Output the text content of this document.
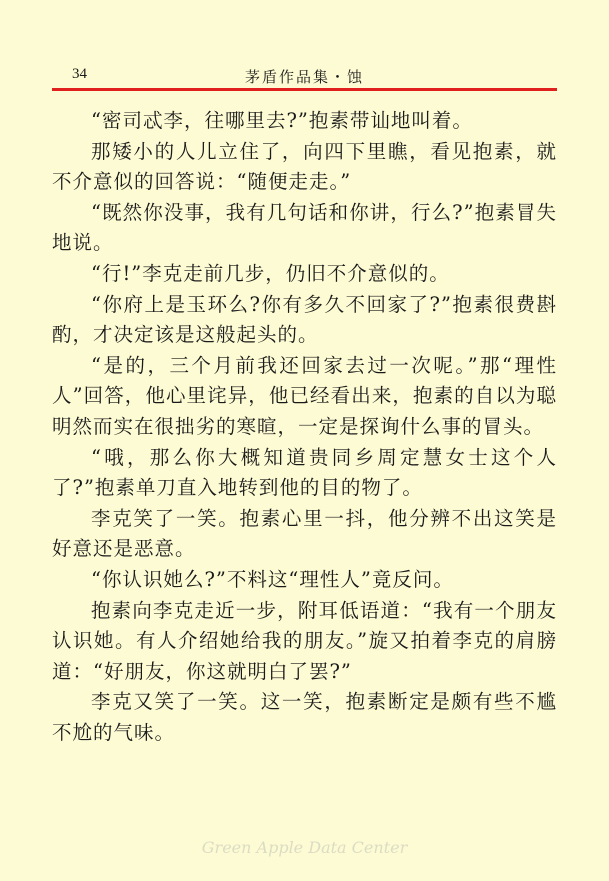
34	茅盾作品集・蚀

“密司忒李，往哪里去?”抱素带讪地叫着。

那矮小的人儿立住了，向四下里瞧，看见抱素，就不介意似的回答说：“随便走走。”

“既然你没事，我有几句话和你讲，行么?”抱素冒失地说。

“行!”李克走前几步，仍旧不介意似的。

“你府上是玉环么?你有多久不回家了?”抱素很费斟酌，才决定该是这般起头的。

“是的，三个月前我还回家去过一次呢。”那“理性人”回答，他心里诧异，他已经看出来，抱素的自以为聪明然而实在很拙劣的寒暄，一定是探询什么事的冒头。

“哦，那么你大概知道贵同乡周定慧女士这个人了?”抱素单刀直入地转到他的目的物了。

李克笑了一笑。抱素心里一抖，他分辨不出这笑是好意还是恶意。

“你认识她么?”不料这“理性人”竟反问。

抱素向李克走近一步，附耳低语道：“我有一个朋友认识她。有人介绍她给我的朋友。”旋又拍着李克的肩膀道：“好朋友，你这就明白了罢?”

李克又笑了一笑。这一笑，抱素断定是颇有些不尴不尬的气味。

Green Apple Data Center
